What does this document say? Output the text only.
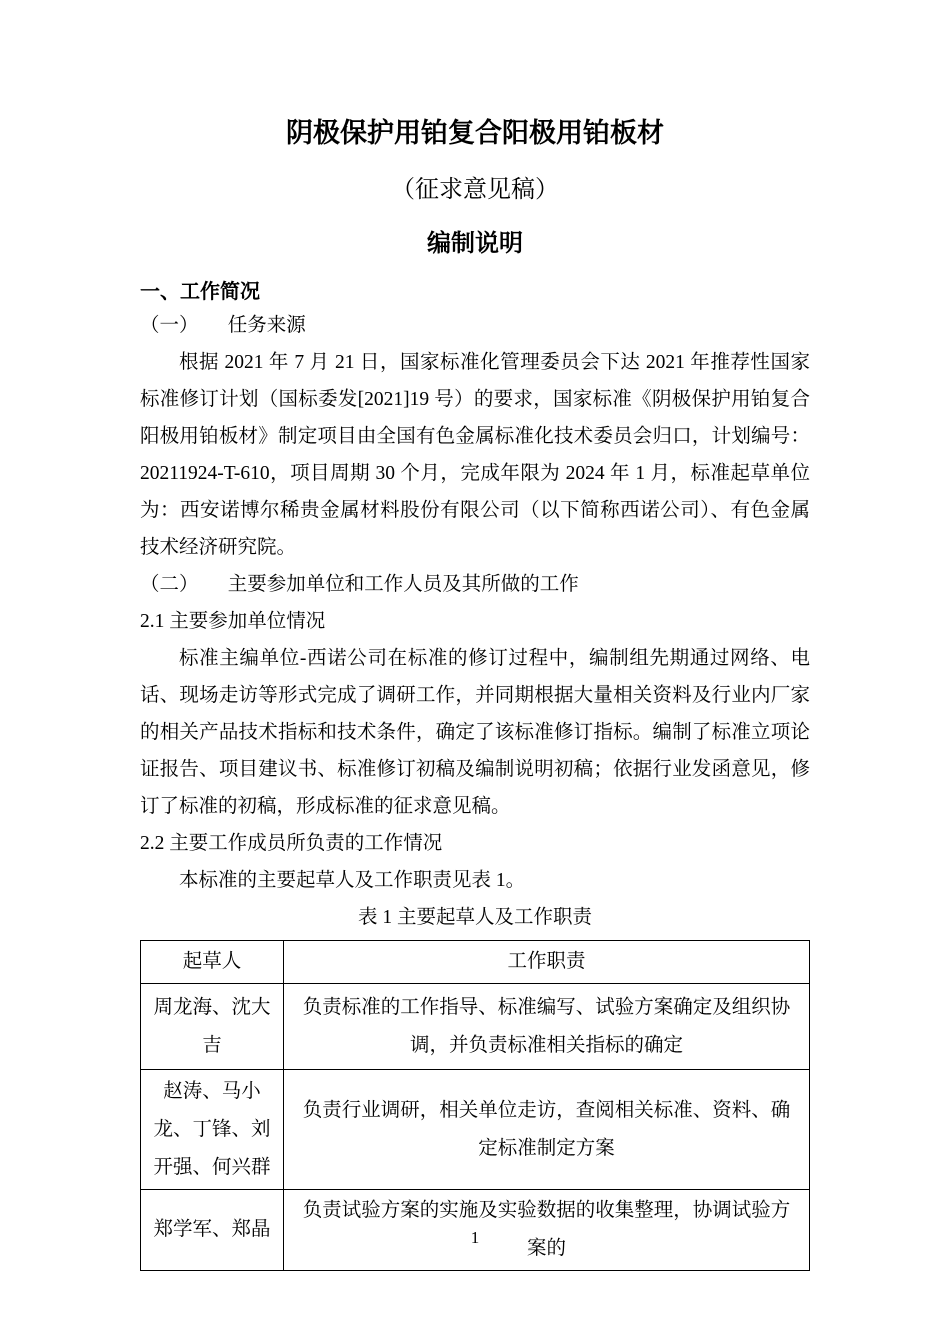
阴极保护用铂复合阳极用铂板材
（征求意见稿）
编制说明
一、工作简况
（一）　　任务来源

根据 2021 年 7 月 21 日，国家标准化管理委员会下达 2021 年推荐性国家标准修订计划（国标委发[2021]19 号）的要求，国家标准《阴极保护用铂复合阳极用铂板材》制定项目由全国有色金属标准化技术委员会归口，计划编号：20211924-T-610，项目周期 30 个月，完成年限为 2024 年 1 月，标准起草单位为：西安诺博尔稀贵金属材料股份有限公司（以下简称西诺公司）、有色金属技术经济研究院。

（二）　　主要参加单位和工作人员及其所做的工作
2.1 主要参加单位情况

标准主编单位-西诺公司在标准的修订过程中，编制组先期通过网络、电话、现场走访等形式完成了调研工作，并同期根据大量相关资料及行业内厂家的相关产品技术指标和技术条件，确定了该标准修订指标。编制了标准立项论证报告、项目建议书、标准修订初稿及编制说明初稿；依据行业发函意见，修订了标准的初稿，形成标准的征求意见稿。

2.2 主要工作成员所负责的工作情况

本标准的主要起草人及工作职责见表 1。

表 1 主要起草人及工作职责
起草人	工作职责
周龙海、沈大吉	负责标准的工作指导、标准编写、试验方案确定及组织协调，并负责标准相关指标的确定
赵涛、马小龙、丁锋、刘开强、何兴群	负责行业调研，相关单位走访，查阅相关标准、资料、确定标准制定方案
郑学军、郑晶	负责试验方案的实施及实验数据的收集整理，协调试验方案的
1
